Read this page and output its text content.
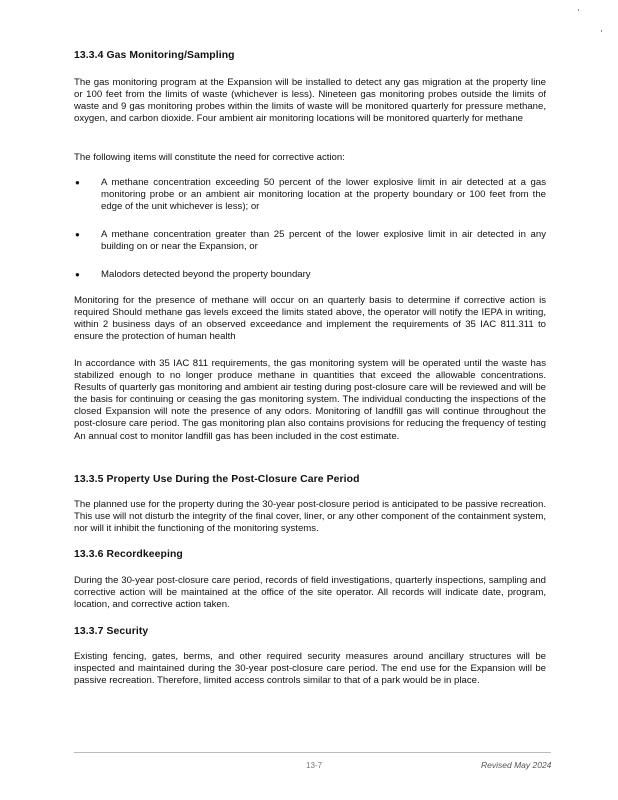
13.3.4 Gas Monitoring/Sampling
The gas monitoring program at the Expansion will be installed to detect any gas migration at the property line or 100 feet from the limits of waste (whichever is less). Nineteen gas monitoring probes outside the limits of waste and 9 gas monitoring probes within the limits of waste will be monitored quarterly for pressure methane, oxygen, and carbon dioxide. Four ambient air monitoring locations will be monitored quarterly for methane
The following items will constitute the need for corrective action:
● A methane concentration exceeding 50 percent of the lower explosive limit in air detected at a gas monitoring probe or an ambient air monitoring location at the property boundary or 100 feet from the edge of the unit whichever is less); or
● A methane concentration greater than 25 percent of the lower explosive limit in air detected in any building on or near the Expansion, or
● Malodors detected beyond the property boundary
Monitoring for the presence of methane will occur on an quarterly basis to determine if corrective action is required Should methane gas levels exceed the limits stated above, the operator will notify the IEPA in writing, within 2 business days of an observed exceedance and implement the requirements of 35 IAC 811.311 to ensure the protection of human health
In accordance with 35 IAC 811 requirements, the gas monitoring system will be operated until the waste has stabilized enough to no longer produce methane in quantities that exceed the allowable concentrations. Results of quarterly gas monitoring and ambient air testing during post-closure care will be reviewed and will be the basis for continuing or ceasing the gas monitoring system. The individual conducting the inspections of the closed Expansion will note the presence of any odors. Monitoring of landfill gas will continue throughout the post-closure care period. The gas monitoring plan also contains provisions for reducing the frequency of testing An annual cost to monitor landfill gas has been included in the cost estimate.
13.3.5 Property Use During the Post-Closure Care Period
The planned use for the property during the 30-year post-closure period is anticipated to be passive recreation. This use will not disturb the integrity of the final cover, liner, or any other component of the containment system, nor will it inhibit the functioning of the monitoring systems.
13.3.6 Recordkeeping
During the 30-year post-closure care period, records of field investigations, quarterly inspections, sampling and corrective action will be maintained at the office of the site operator. All records will indicate date, program, location, and corrective action taken.
13.3.7 Security
Existing fencing, gates, berms, and other required security measures around ancillary structures will be inspected and maintained during the 30-year post-closure care period. The end use for the Expansion will be passive recreation. Therefore, limited access controls similar to that of a park would be in place.
13-7	Revised May 2024
